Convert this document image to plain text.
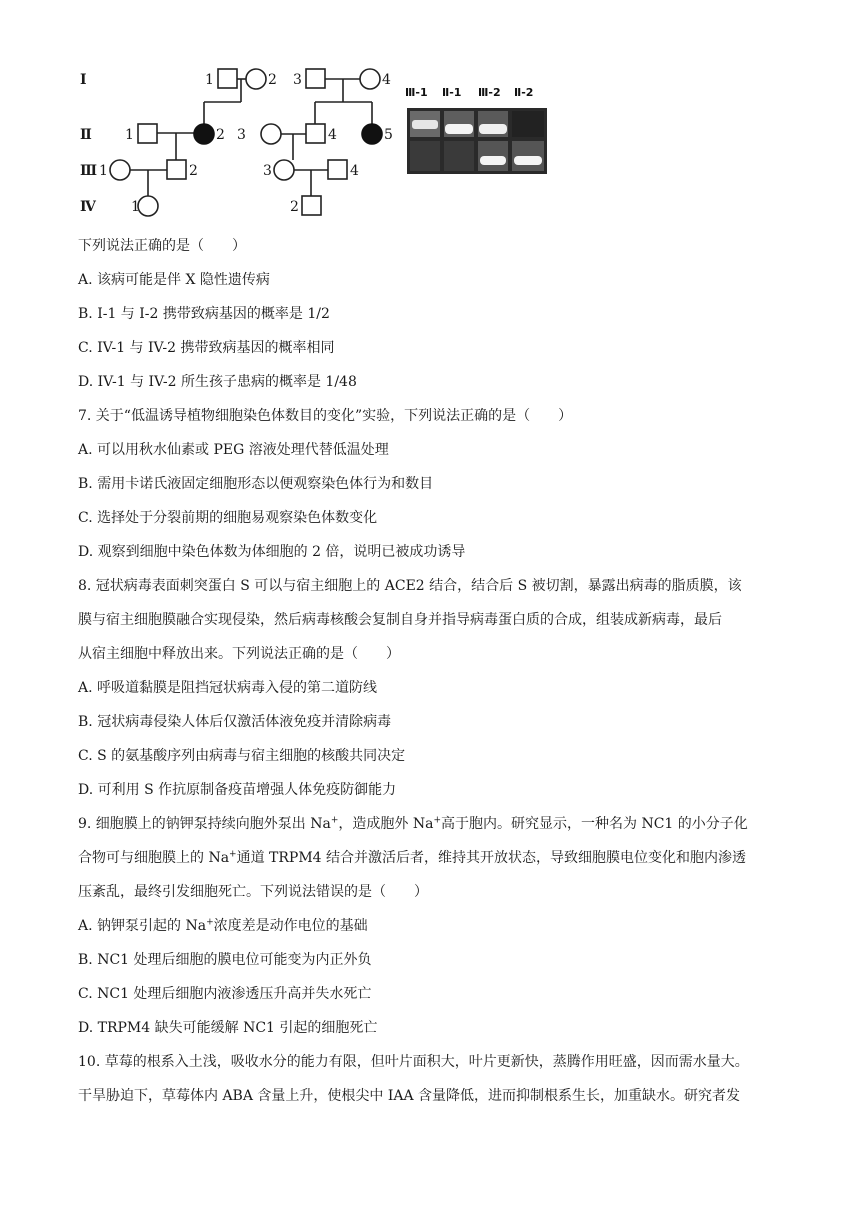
Ⅰ
Ⅱ
Ⅲ
Ⅳ
1	2 3	4
1	2 3	4	5
1	2	3	4
1	2
Ⅲ-1 Ⅱ-1 Ⅲ-2 Ⅱ-2
下列说法正确的是（　　）
A. 该病可能是伴 X 隐性遗传病
B. I-1 与 I-2 携带致病基因的概率是 1/2
C. IV-1 与 IV-2 携带致病基因的概率相同
D. IV-1 与 IV-2 所生孩子患病的概率是 1/48
7. 关于“低温诱导植物细胞染色体数目的变化”实验，下列说法正确的是（　　）
A. 可以用秋水仙素或 PEG 溶液处理代替低温处理
B. 需用卡诺氏液固定细胞形态以便观察染色体行为和数目
C. 选择处于分裂前期的细胞易观察染色体数变化
D. 观察到细胞中染色体数为体细胞的 2 倍，说明已被成功诱导
8. 冠状病毒表面刺突蛋白 S 可以与宿主细胞上的 ACE2 结合，结合后 S 被切割，暴露出病毒的脂质膜，该
膜与宿主细胞膜融合实现侵染，然后病毒核酸会复制自身并指导病毒蛋白质的合成，组装成新病毒，最后
从宿主细胞中释放出来。下列说法正确的是（　　）
A. 呼吸道黏膜是阻挡冠状病毒入侵的第二道防线
B. 冠状病毒侵染人体后仅激活体液免疫并清除病毒
C. S 的氨基酸序列由病毒与宿主细胞的核酸共同决定
D. 可利用 S 作抗原制备疫苗增强人体免疫防御能力
9. 细胞膜上的钠钾泵持续向胞外泵出 Na+，造成胞外 Na+高于胞内。研究显示，一种名为 NC1 的小分子化
合物可与细胞膜上的 Na+通道 TRPM4 结合并激活后者，维持其开放状态，导致细胞膜电位变化和胞内渗透
压紊乱，最终引发细胞死亡。下列说法错误的是（　　）
A. 钠钾泵引起的 Na+浓度差是动作电位的基础
B. NC1 处理后细胞的膜电位可能变为内正外负
C. NC1 处理后细胞内液渗透压升高并失水死亡
D. TRPM4 缺失可能缓解 NC1 引起的细胞死亡
10. 草莓的根系入土浅，吸收水分的能力有限，但叶片面积大，叶片更新快，蒸腾作用旺盛，因而需水量大。
干旱胁迫下，草莓体内 ABA 含量上升，使根尖中 IAA 含量降低，进而抑制根系生长，加重缺水。研究者发
